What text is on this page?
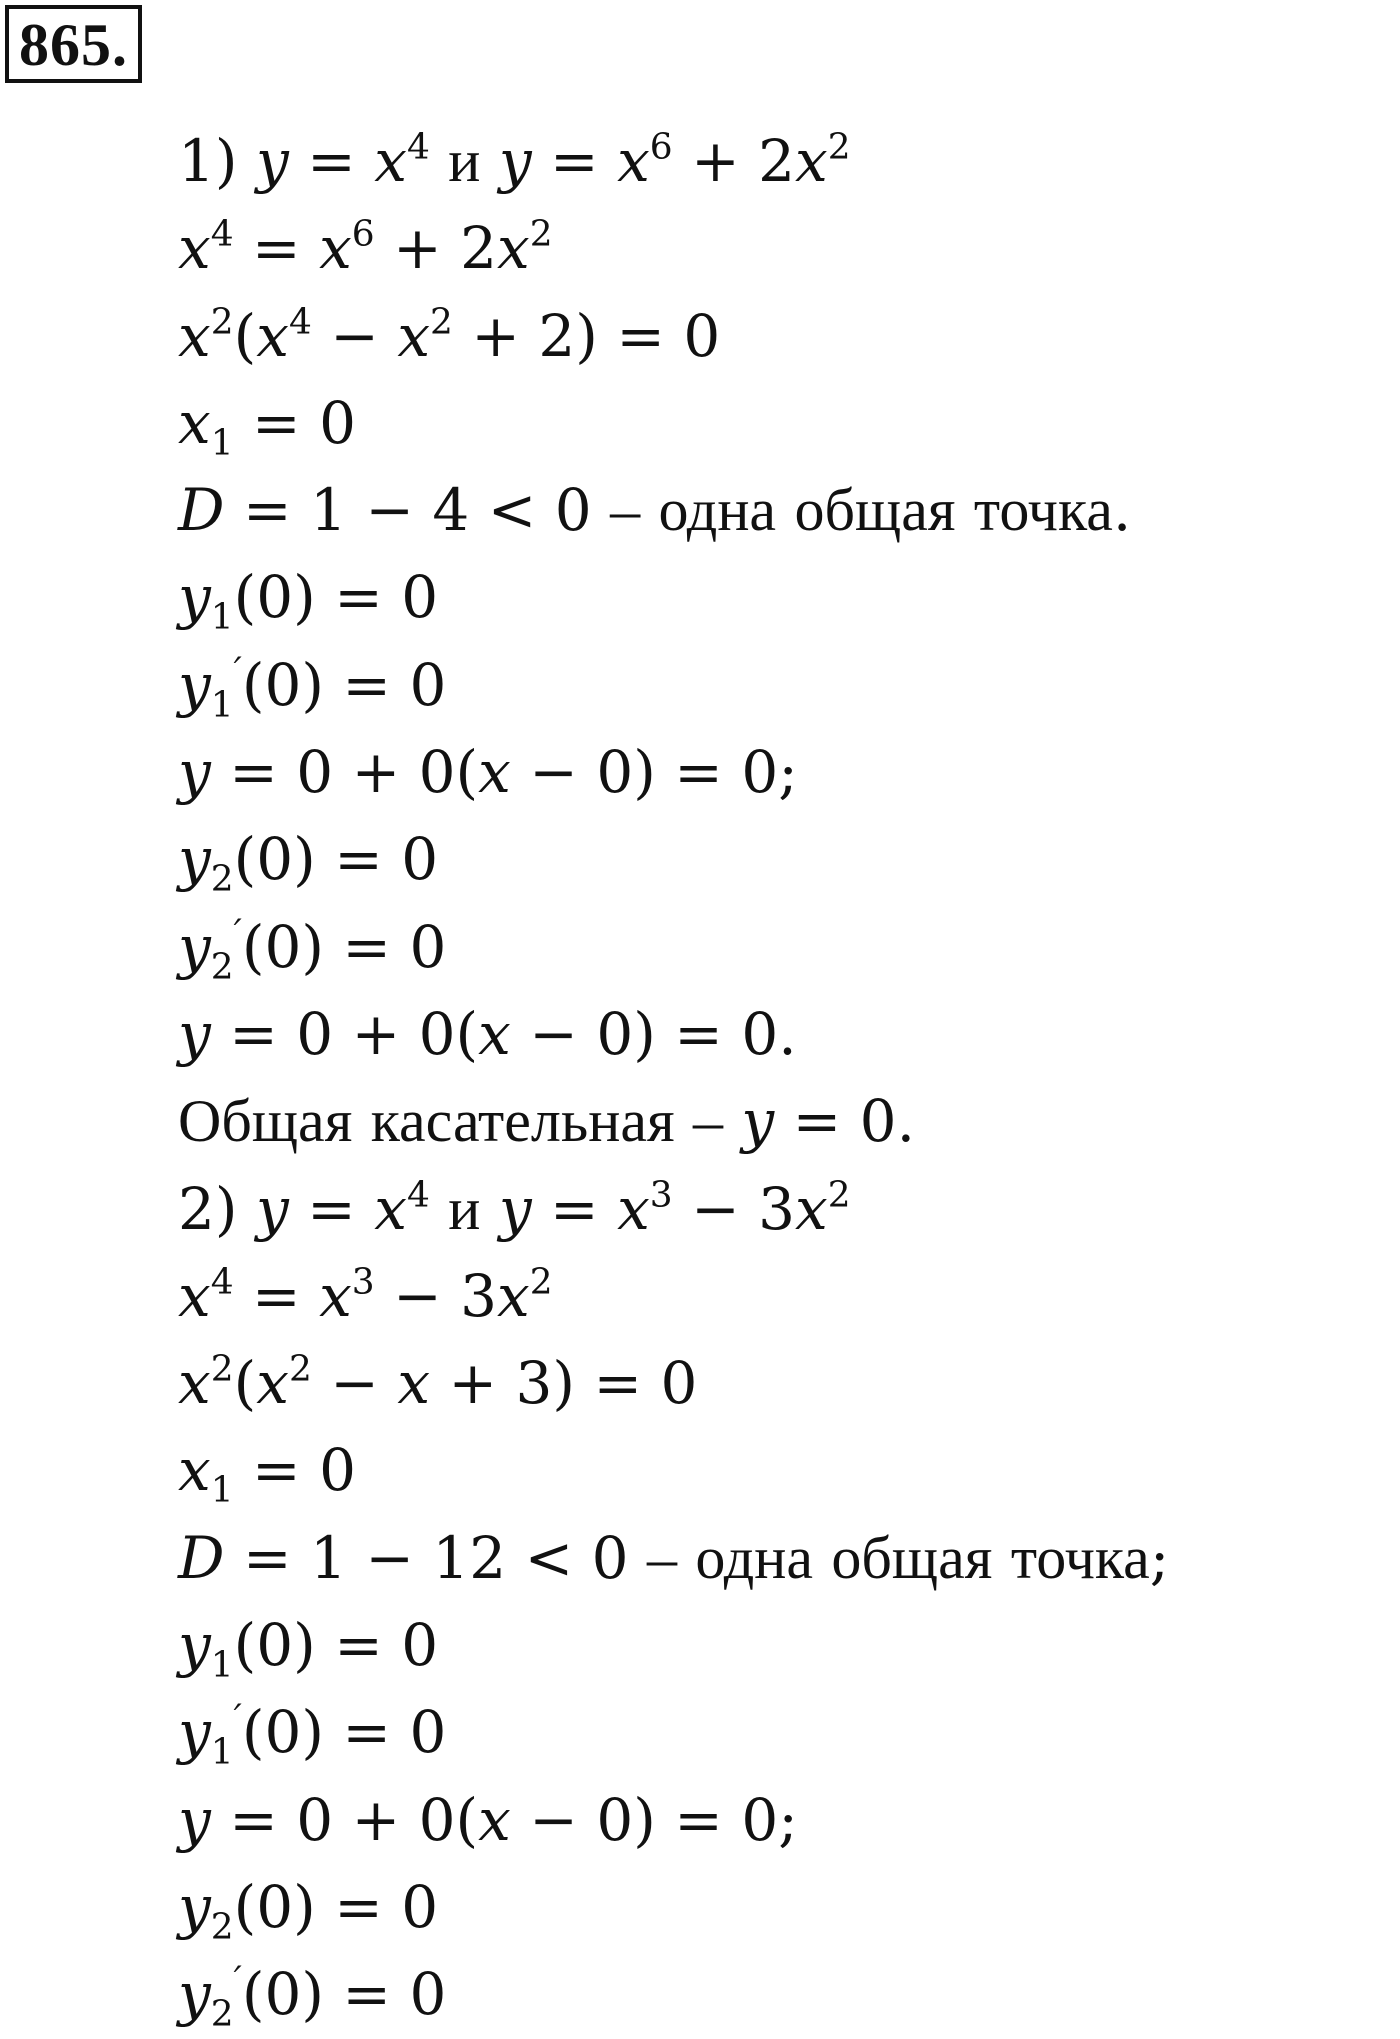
865.
1) $y = x^4$ и $y = x^6 + 2x^2$
$x^4 = x^6 + 2x^2$
$x^2(x^4 - x^2 + 2) = 0$
$x_1 = 0$
D = 1 − 4 < 0 – одна общая точка.
$y_1(0) = 0$
$y_1'(0) = 0$
y = 0 + 0(x − 0) = 0;
$y_2(0) = 0$
$y_2'(0) = 0$
y = 0 + 0(x − 0) = 0.
Общая касательная – y = 0.
2) $y = x^4$ и $y = x^3 - 3x^2$
$x^4 = x^3 - 3x^2$
$x^2(x^2 - x + 3) = 0$
$x_1 = 0$
D = 1 − 12 < 0 – одна общая точка;
$y_1(0) = 0$
$y_1'(0) = 0$
y = 0 + 0(x − 0) = 0;
$y_2(0) = 0$
$y_2'(0) = 0$
